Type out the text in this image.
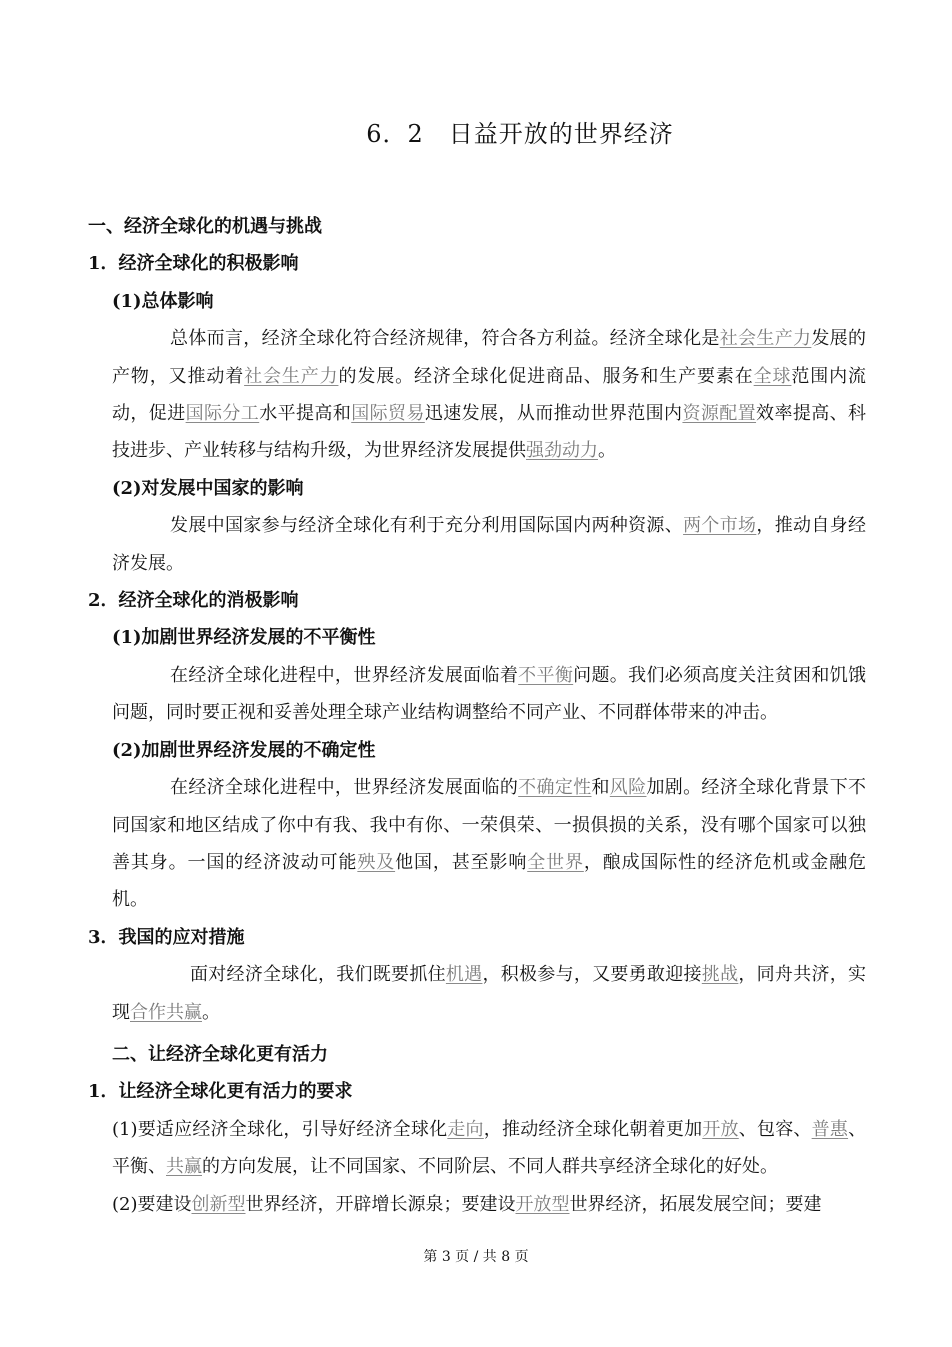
6．2　日益开放的世界经济
一、经济全球化的机遇与挑战
1．经济全球化的积极影响
(1)总体影响
总体而言，经济全球化符合经济规律，符合各方利益。经济全球化是社会生产力发展的产物，又推动着社会生产力的发展。经济全球化促进商品、服务和生产要素在全球范围内流动，促进国际分工水平提高和国际贸易迅速发展，从而推动世界范围内资源配置效率提高、科技进步、产业转移与结构升级，为世界经济发展提供强劲动力。
(2)对发展中国家的影响
发展中国家参与经济全球化有利于充分利用国际国内两种资源、两个市场，推动自身经济发展。
2．经济全球化的消极影响
(1)加剧世界经济发展的不平衡性
在经济全球化进程中，世界经济发展面临着不平衡问题。我们必须高度关注贫困和饥饿问题，同时要正视和妥善处理全球产业结构调整给不同产业、不同群体带来的冲击。
(2)加剧世界经济发展的不确定性
在经济全球化进程中，世界经济发展面临的不确定性和风险加剧。经济全球化背景下不同国家和地区结成了你中有我、我中有你、一荣俱荣、一损俱损的关系，没有哪个国家可以独善其身。一国的经济波动可能殃及他国，甚至影响全世界，酿成国际性的经济危机或金融危机。
3．我国的应对措施
面对经济全球化，我们既要抓住机遇，积极参与，又要勇敢迎接挑战，同舟共济，实现合作共赢。
二、让经济全球化更有活力
1．让经济全球化更有活力的要求
(1)要适应经济全球化，引导好经济全球化走向，推动经济全球化朝着更加开放、包容、普惠、平衡、共赢的方向发展，让不同国家、不同阶层、不同人群共享经济全球化的好处。
(2)要建设创新型世界经济，开辟增长源泉；要建设开放型世界经济，拓展发展空间；要建
第 3 页 / 共 8 页
